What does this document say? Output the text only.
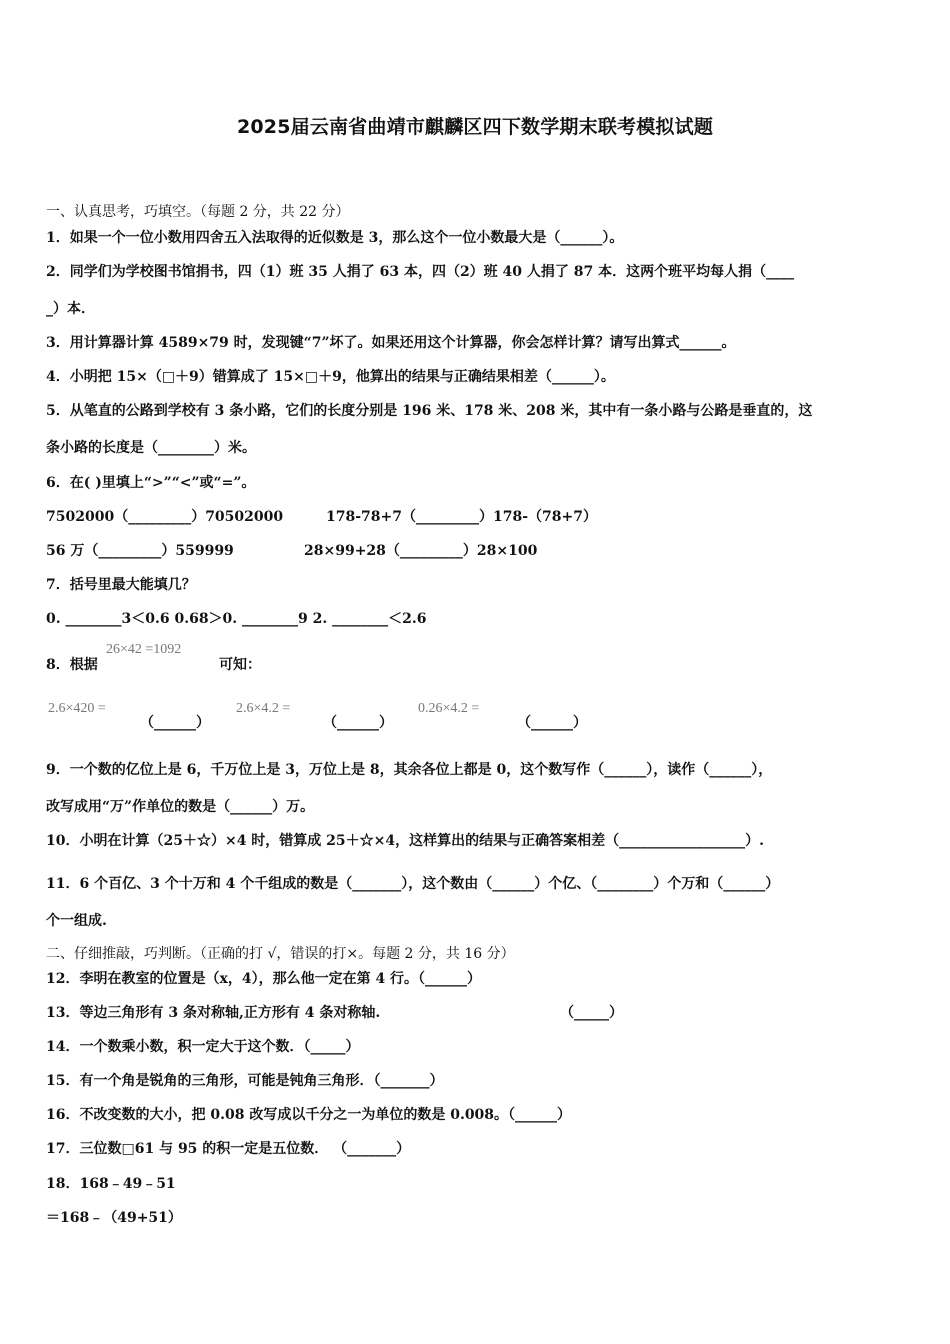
2025届云南省曲靖市麒麟区四下数学期末联考模拟试题
一、认真思考，巧填空。（每题 2 分，共 22 分）
1．如果一个一位小数用四舍五入法取得的近似数是 3，那么这个一位小数最大是（______）。
2．同学们为学校图书馆捐书，四（1）班 35 人捐了 63 本，四（2）班 40 人捐了 87 本．这两个班平均每人捐（____
_）本．
3．用计算器计算 4589×79 时，发现键“7”坏了。如果还用这个计算器，你会怎样计算？请写出算式______。
4．小明把 15×（□＋9）错算成了 15×□＋9，他算出的结果与正确结果相差（______）。
5．从笔直的公路到学校有 3 条小路，它们的长度分别是 196 米、178 米、208 米，其中有一条小路与公路是垂直的，这
条小路的长度是（________）米。
6．在( )里填上“>”“<”或“=”。
7502000（_________）70502000	178-78+7（_________）178-（78+7）
56 万（_________）559999	28×99+28（_________）28×100
7．括号里最大能填几？
0. ________3＜0.6 0.68＞0. ________9 2. ________＜2.6
8．根据
26×42 =1092
可知：
2.6×420 =
（______）
2.6×4.2 =
（______）
0.26×4.2 =
（______）
9．一个数的亿位上是 6，千万位上是 3，万位上是 8，其余各位上都是 0，这个数写作（______），读作（______），
改写成用“万”作单位的数是（______）万。
10．小明在计算（25＋☆）×4 时，错算成 25＋☆×4，这样算出的结果与正确答案相差（__________________）.
11．6 个百亿、3 个十万和 4 个千组成的数是（_______），这个数由（______）个亿、（________）个万和（______）
个一组成.
二、仔细推敲，巧判断。（正确的打 √，错误的打×。每题 2 分，共 16 分）
12．李明在教室的位置是（x，4），那么他一定在第 4 行。（______）
13．等边三角形有 3 条对称轴,正方形有 4 条对称轴.	（_____）
14．一个数乘小数，积一定大于这个数．（_____）
15．有一个角是锐角的三角形，可能是钝角三角形．（_______）
16．不改变数的大小，把 0.08 改写成以千分之一为单位的数是 0.008。（______）
17．三位数□61 与 95 的积一定是五位数． （_______）
18．168﹣49﹣51
＝168﹣（49+51）
